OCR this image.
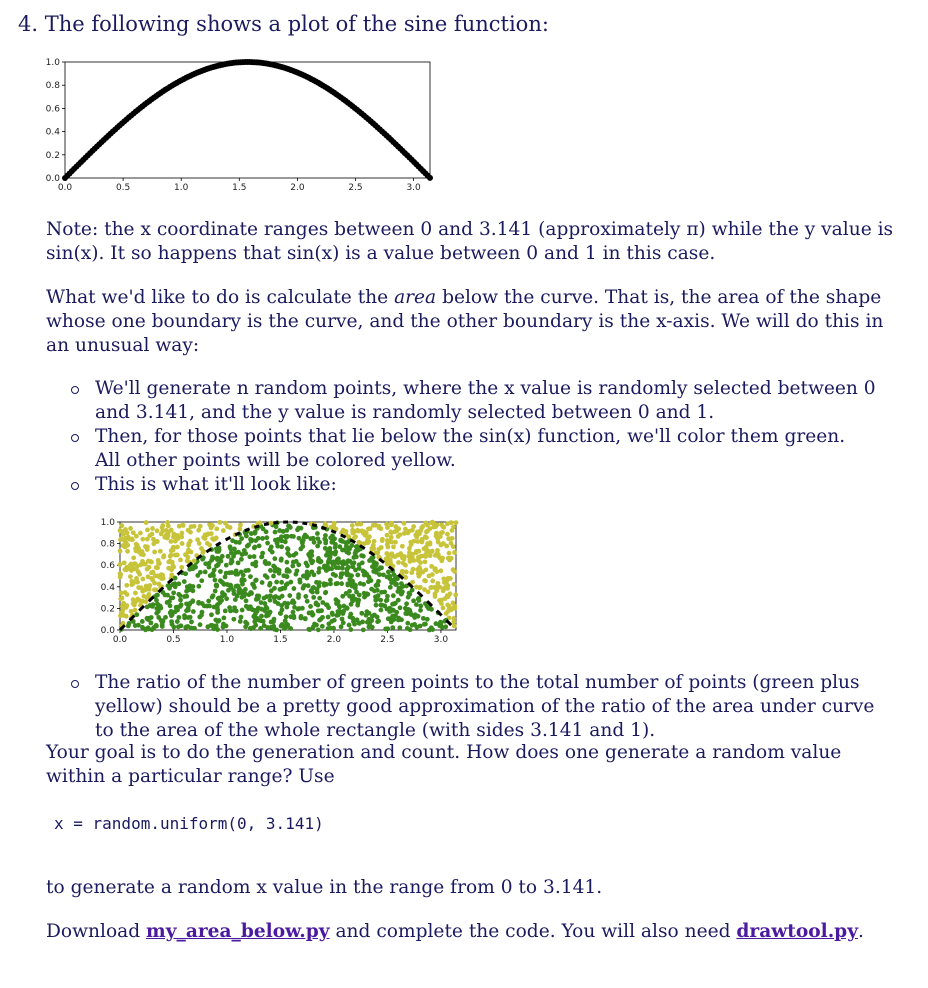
4. The following shows a plot of the sine function:
0.0	0.5	1.0	1.5	2.0	2.5	3.0
0.0
0.2
0.4
0.6
0.8
1.0

Note: the x coordinate ranges between 0 and 3.141 (approximately π) while the y value is sin(x). It so happens that sin(x) is a value between 0 and 1 in this case.

What we'd like to do is calculate the area below the curve. That is, the area of the shape whose one boundary is the curve, and the other boundary is the x-axis. We will do this in an unusual way:

We'll generate n random points, where the x value is randomly selected between 0 and 3.141, and the y value is randomly selected between 0 and 1.
Then, for those points that lie below the sin(x) function, we'll color them green. All other points will be colored yellow.
This is what it'll look like:
0.0	0.5	1.0	1.5	2.0	2.5	3.0
0.0
0.2
0.4
0.6
0.8
1.0
The ratio of the number of green points to the total number of points (green plus yellow) should be a pretty good approximation of the ratio of the area under curve to the area of the whole rectangle (with sides 3.141 and 1).

Your goal is to do the generation and count. How does one generate a random value within a particular range? Use

x = random.uniform(0, 3.141)

to generate a random x value in the range from 0 to 3.141.

Download my_area_below.py and complete the code. You will also need drawtool.py.
